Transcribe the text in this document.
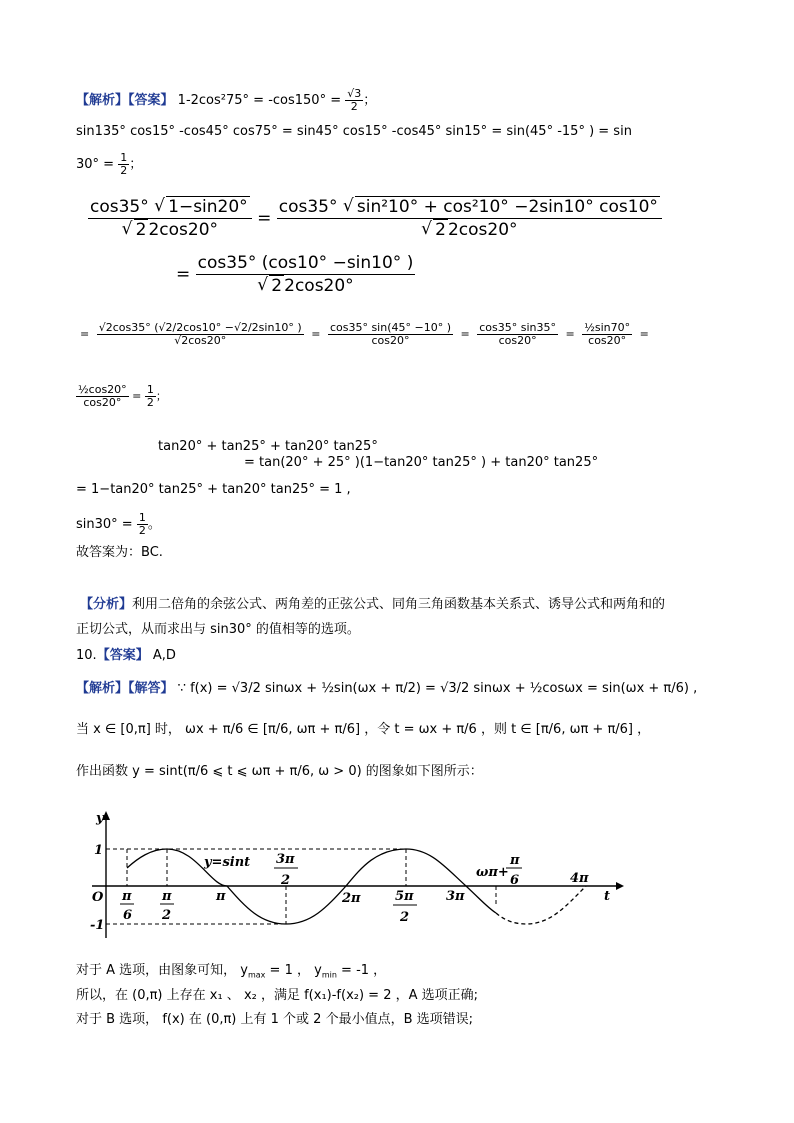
【解析】【答案】 $1-2\cos^275^\circ = -\cos 150^\circ = \frac{√3}{2}$ ；
sin135° cos15° -cos45° cos75° = sin45° cos15° -cos45° sin15° = sin(45° -15° ) = sin
$30^\circ = \frac{1}{2}$ ；
cos35° √ 1−sin20°
√ 2 2cos20° = cos35° √ sin²10° + cos²10° −2sin10° cos10°
√ 2 2cos20°
= cos35° (cos10° −sin10° )
√ 2 2cos20°
= $\frac{√2\cos 35^\circ (√2/2\cos 10^\circ -√2/2\sin 10^\circ )}{√2\cos 20^\circ} = \frac{\cos 35^\circ \sin(45^\circ -10^\circ )}{\cos 20^\circ} = \frac{\cos 35^\circ \sin 35^\circ}{\cos 20^\circ} = \frac{\text{½sin70°}}{\cos 20^\circ}$ =
$\frac{\text{½cos20°}}{\cos 20^\circ} = \frac{1}{2}$ ；
tan20° + tan25° + tan20° tan25°
= tan(20° + 25° )(1−tan20° tan25° ) + tan20° tan25°
= 1−tan20° tan25° + tan20° tan25° = 1 ,
$\sin 30^\circ = \frac{1}{2}$ 。
故答案为：BC.
【分析】利用二倍角的余弦公式、两角差的正弦公式、同角三角函数基本关系式、诱导公式和两角和的
正切公式，从而求出与 sin30° 的值相等的选项。
10.【答案】 A,D
【解析】【解答】 ∵ f(x) = √3/2 sinωx + ½sin(ωx + π/2) = √3/2 sinωx + ½cosωx = sin(ωx + π/6) ,
当 x ∈ [0,π] 时， ωx + π/6 ∈ [π/6, ωπ + π/6] ，令 t = ωx + π/6 ，则 t ∈ [π/6, ωπ + π/6] ，
作出函数 y = sint(π/6 ⩽ t ⩽ ωπ + π/6, ω > 0) 的图象如下图所示：
y
t
O
1
-1
y=sint
π
6
π
2
π
3π
2
2π	5π
2
3π
ωπ+
π
6	4π
对于 A 选项，由图象可知， $y_{max} = 1$ ， $y_{min} = -1$ ，
所以，在 (0,π) 上存在 x₁ 、 x₂ ，满足 f(x₁)-f(x₂) = 2 ，A 选项正确;
对于 B 选项， f(x) 在 (0,π) 上有 1 个或 2 个最小值点，B 选项错误;
